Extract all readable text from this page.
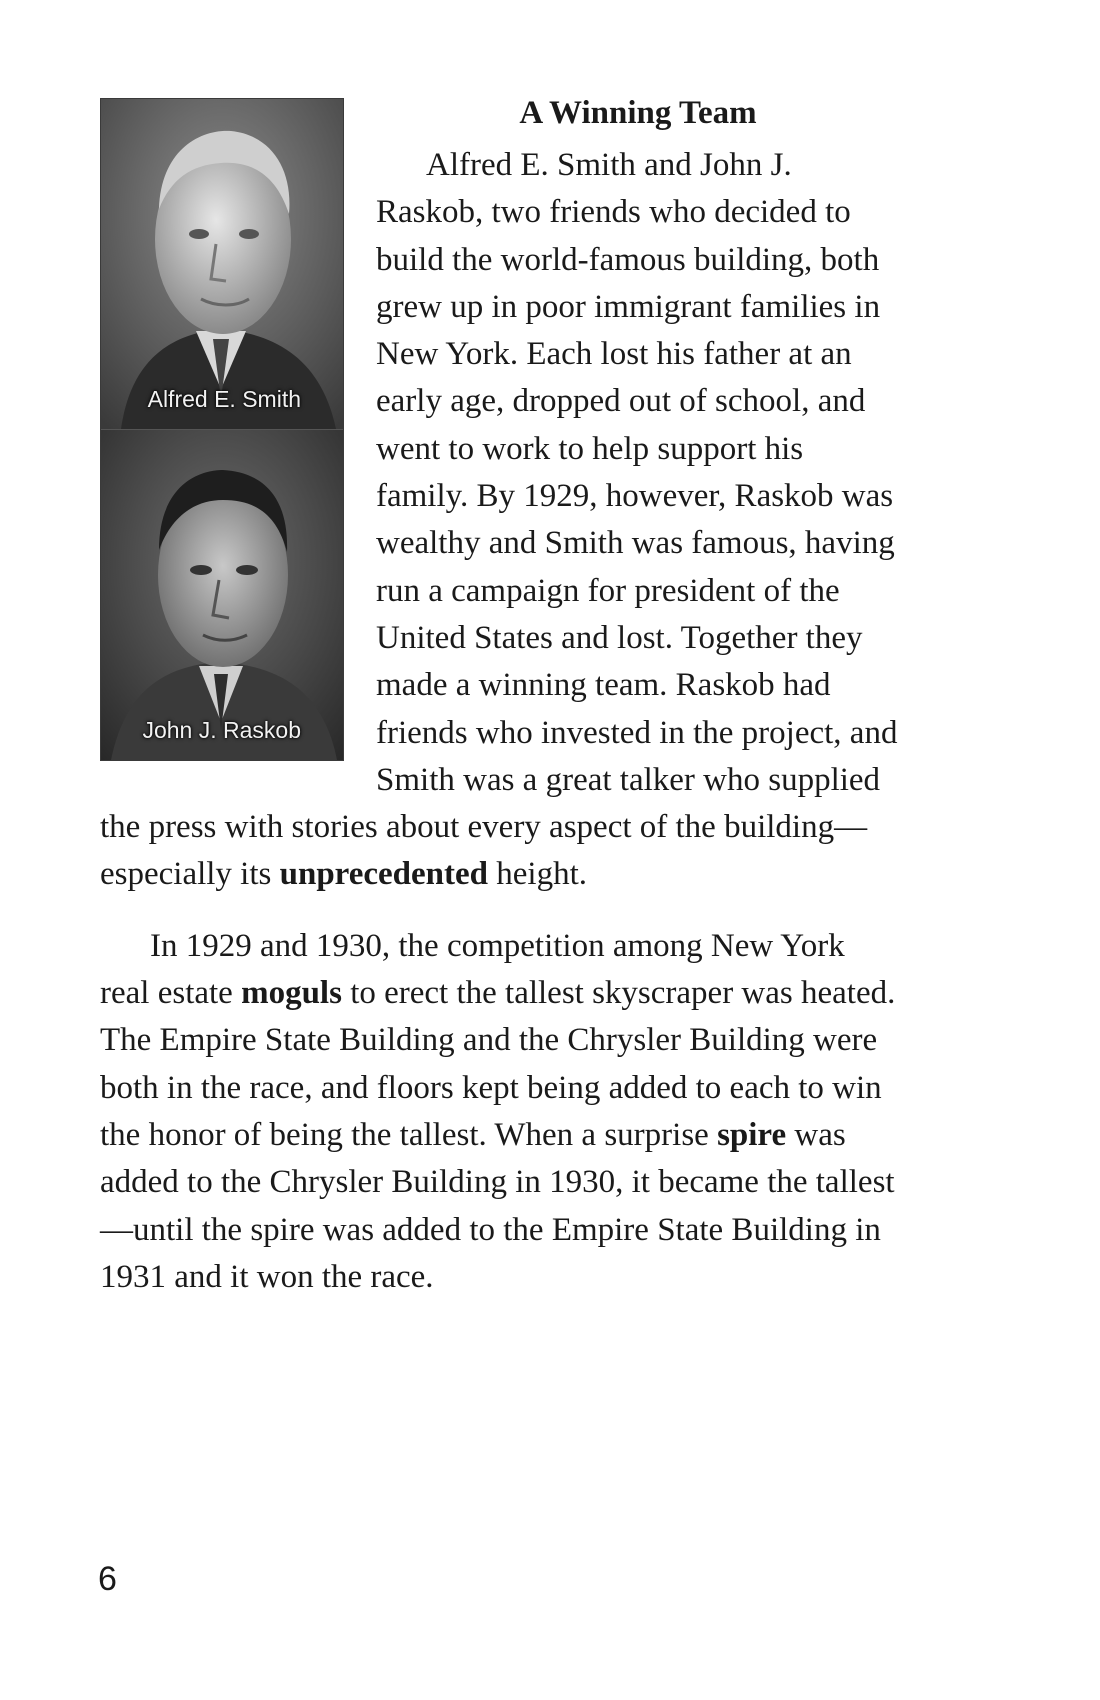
Alfred E. Smith
John J. Raskob
A Winning Team

Alfred E. Smith and John J. Raskob, two friends who decided to build the world-famous building, both grew up in poor immigrant families in New York. Each lost his father at an early age, dropped out of school, and went to work to help support his family. By 1929, however, Raskob was wealthy and Smith was famous, having run a campaign for president of the United States and lost. Together they made a winning team. Raskob had friends who invested in the project, and Smith was a great talker who supplied the press with stories about every aspect of the building—especially its unprecedented height.

In 1929 and 1930, the competition among New York real estate moguls to erect the tallest skyscraper was heated. The Empire State Building and the Chrysler Building were both in the race, and floors kept being added to each to win the honor of being the tallest. When a surprise spire was added to the Chrysler Building in 1930, it became the tallest—until the spire was added to the Empire State Building in 1931 and it won the race.

6
